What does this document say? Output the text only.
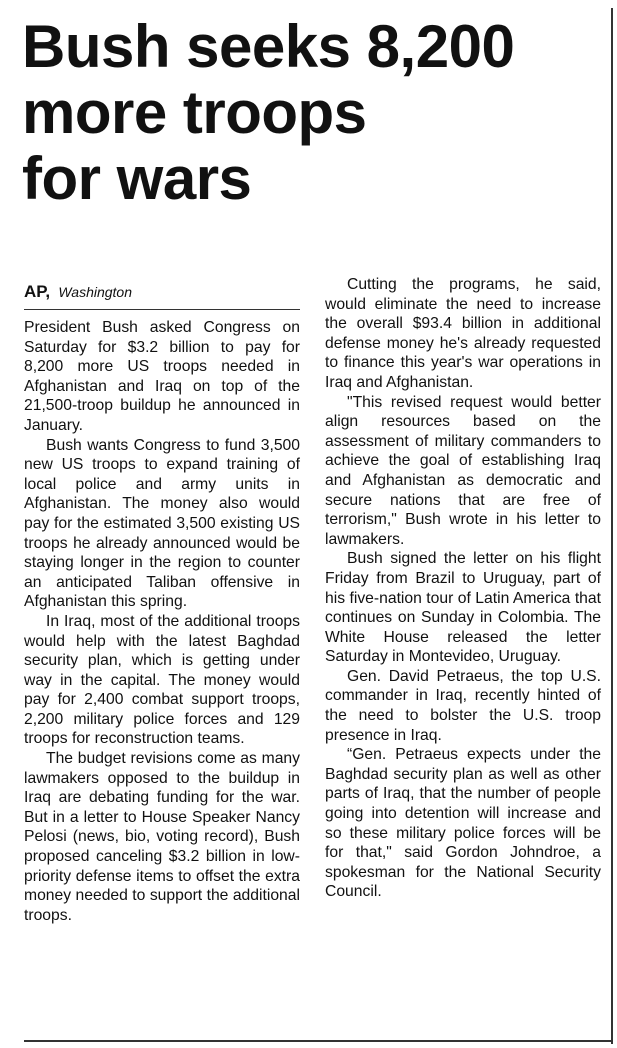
Bush seeks 8,200
more troops
for wars
AP, Washington

President Bush asked Congress on Saturday for $3.2 billion to pay for 8,200 more US troops needed in Afghanistan and Iraq on top of the 21,500-troop buildup he announced in January.

Bush wants Congress to fund 3,500 new US troops to expand training of local police and army units in Afghanistan. The money also would pay for the estimated 3,500 existing US troops he already announced would be staying longer in the region to counter an anticipated Taliban offensive in Afghanistan this spring.

In Iraq, most of the additional troops would help with the latest Baghdad security plan, which is getting under way in the capital. The money would pay for 2,400 combat support troops, 2,200 military police forces and 129 troops for reconstruction teams.

The budget revisions come as many lawmakers opposed to the buildup in Iraq are debating funding for the war. But in a letter to House Speaker Nancy Pelosi (news, bio, voting record), Bush proposed canceling $3.2 billion in low-priority defense items to offset the extra money needed to support the additional troops.

Cutting the programs, he said, would eliminate the need to increase the overall $93.4 billion in additional defense money he's already requested to finance this year's war operations in Iraq and Afghanistan.

"This revised request would better align resources based on the assessment of military commanders to achieve the goal of establishing Iraq and Afghanistan as democratic and secure nations that are free of terrorism," Bush wrote in his letter to lawmakers.

Bush signed the letter on his flight Friday from Brazil to Uruguay, part of his five-nation tour of Latin America that continues on Sunday in Colombia. The White House released the letter Saturday in Montevideo, Uruguay.

Gen. David Petraeus, the top U.S. commander in Iraq, recently hinted of the need to bolster the U.S. troop presence in Iraq.

“Gen. Petraeus expects under the Baghdad security plan as well as other parts of Iraq, that the number of people going into detention will increase and so these military police forces will be for that," said Gordon Johndroe, a spokesman for the National Security Council.
